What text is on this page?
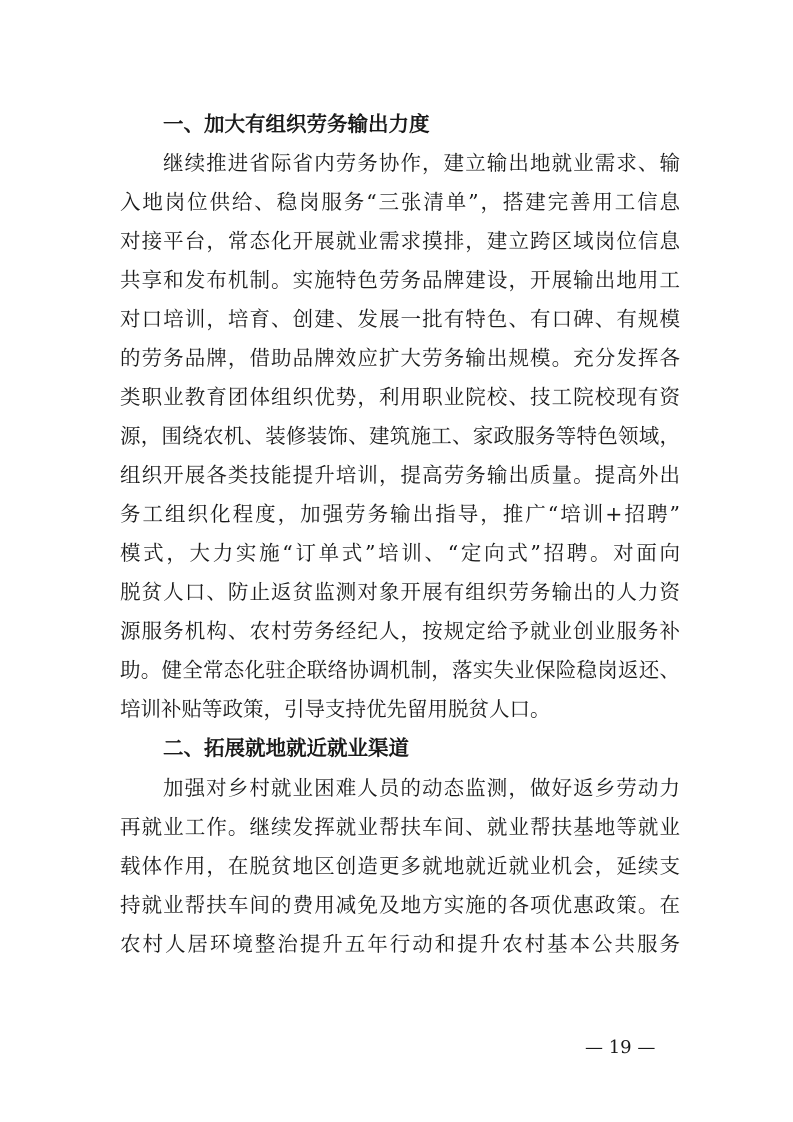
一、加大有组织劳务输出力度
继续推进省际省内劳务协作，建立输出地就业需求、输
入地岗位供给、稳岗服务“三张清单”，搭建完善用工信息
对接平台，常态化开展就业需求摸排，建立跨区域岗位信息
共享和发布机制。实施特色劳务品牌建设，开展输出地用工
对口培训，培育、创建、发展一批有特色、有口碑、有规模
的劳务品牌，借助品牌效应扩大劳务输出规模。充分发挥各
类职业教育团体组织优势，利用职业院校、技工院校现有资
源，围绕农机、装修装饰、建筑施工、家政服务等特色领域，
组织开展各类技能提升培训，提高劳务输出质量。提高外出
务工组织化程度，加强劳务输出指导，推广“培训+招聘”
模式，大力实施“订单式”培训、“定向式”招聘。对面向
脱贫人口、防止返贫监测对象开展有组织劳务输出的人力资
源服务机构、农村劳务经纪人，按规定给予就业创业服务补
助。健全常态化驻企联络协调机制，落实失业保险稳岗返还、
培训补贴等政策，引导支持优先留用脱贫人口。
二、拓展就地就近就业渠道
加强对乡村就业困难人员的动态监测，做好返乡劳动力
再就业工作。继续发挥就业帮扶车间、就业帮扶基地等就业
载体作用，在脱贫地区创造更多就地就近就业机会，延续支
持就业帮扶车间的费用减免及地方实施的各项优惠政策。在
农村人居环境整治提升五年行动和提升农村基本公共服务
— 19 —
